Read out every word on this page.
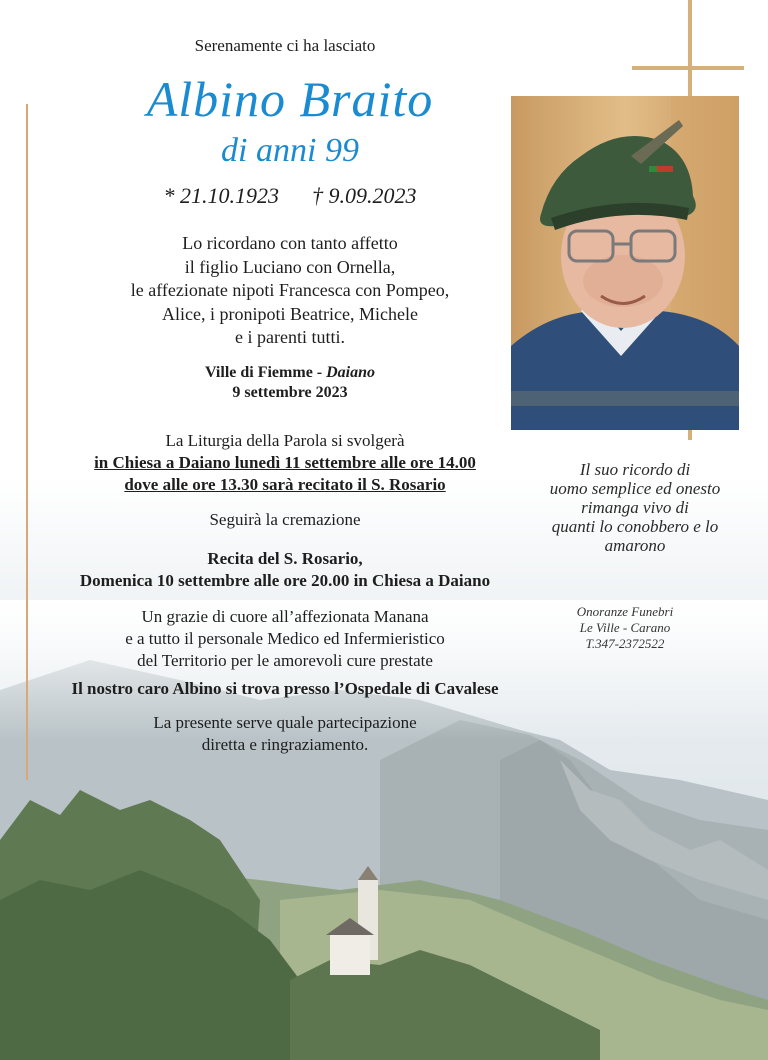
Serenamente ci ha lasciato
Albino Braito
di anni 99
* 21.10.1923 † 9.09.2023
Lo ricordano con tanto affetto
il figlio Luciano con Ornella,
le affezionate nipoti Francesca con Pompeo,
Alice, i pronipoti Beatrice, Michele
e i parenti tutti.
Ville di Fiemme - Daiano
9 settembre 2023
La Liturgia della Parola si svolgerà
in Chiesa a Daiano lunedì 11 settembre alle ore 14.00
dove alle ore 13.30 sarà recitato il S. Rosario
Seguirà la cremazione
Recita del S. Rosario,
Domenica 10 settembre alle ore 20.00 in Chiesa a Daiano
Un grazie di cuore all’affezionata Manana
e a tutto il personale Medico ed Infermieristico
del Territorio per le amorevoli cure prestate
Il nostro caro Albino si trova presso l’Ospedale di Cavalese
La presente serve quale partecipazione
diretta e ringraziamento.
Il suo ricordo di
uomo semplice ed onesto
rimanga vivo di
quanti lo conobbero e lo
amarono
Onoranze Funebri
Le Ville - Carano
T.347-2372522
